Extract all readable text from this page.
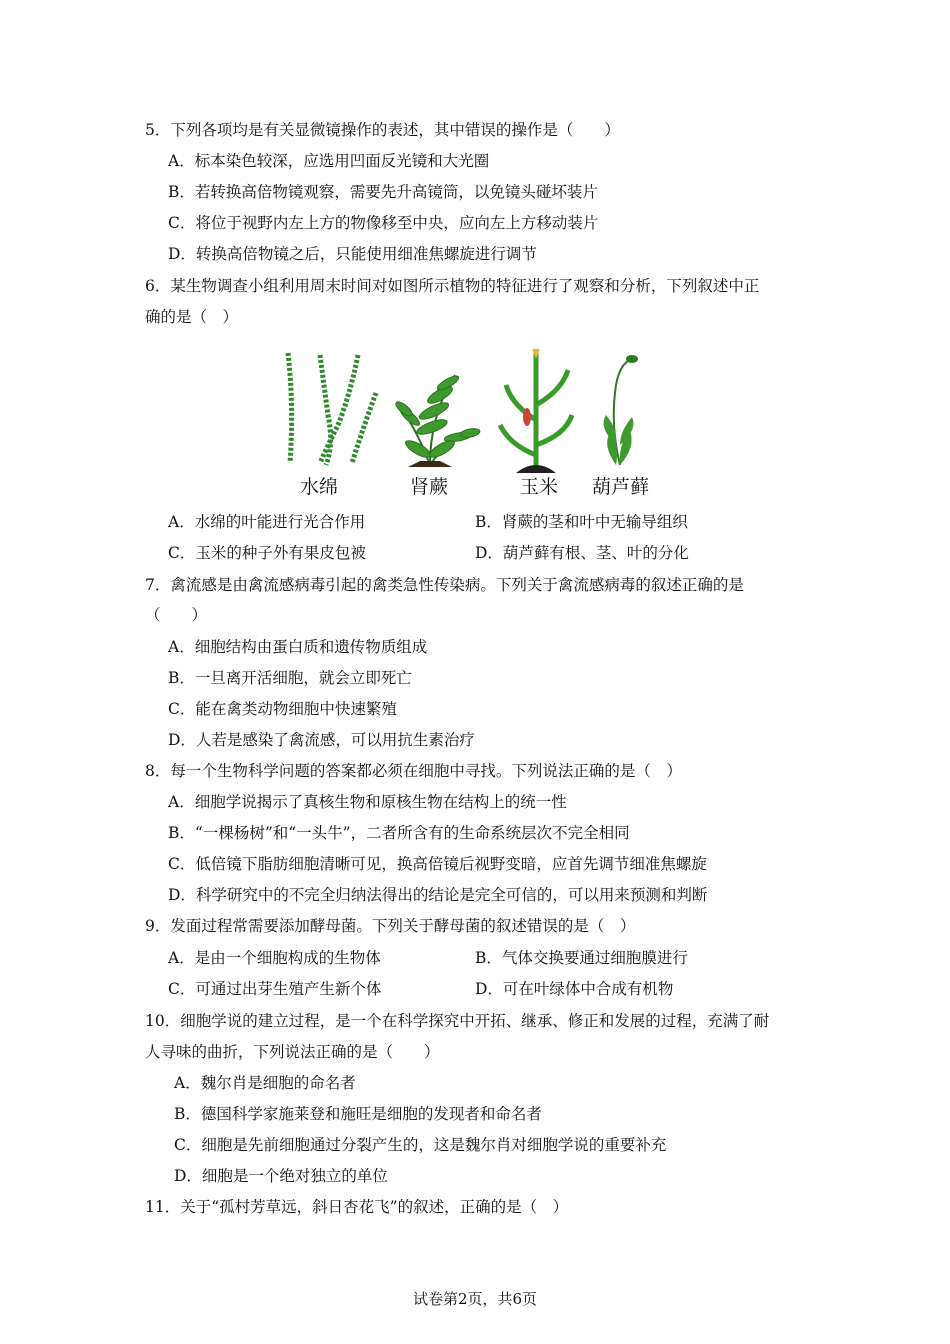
5．下列各项均是有关显微镜操作的表述，其中错误的操作是（　　）
A．标本染色较深，应选用凹面反光镜和大光圈
B．若转换高倍物镜观察，需要先升高镜筒，以免镜头碰坏装片
C．将位于视野内左上方的物像移至中央，应向左上方移动装片
D．转换高倍物镜之后，只能使用细准焦螺旋进行调节
6．某生物调查小组利用周末时间对如图所示植物的特征进行了观察和分析，下列叙述中正
确的是（　）
水绵	肾蕨	玉米 葫芦藓
A．水绵的叶能进行光合作用	B．肾蕨的茎和叶中无输导组织
C．玉米的种子外有果皮包被	D．葫芦藓有根、茎、叶的分化
7．禽流感是由禽流感病毒引起的禽类急性传染病。下列关于禽流感病毒的叙述正确的是
（　　）
A．细胞结构由蛋白质和遗传物质组成
B．一旦离开活细胞，就会立即死亡
C．能在禽类动物细胞中快速繁殖
D．人若是感染了禽流感，可以用抗生素治疗
8．每一个生物科学问题的答案都必须在细胞中寻找。下列说法正确的是（　）
A．细胞学说揭示了真核生物和原核生物在结构上的统一性
B．“一棵杨树”和“一头牛”，二者所含有的生命系统层次不完全相同
C．低倍镜下脂肪细胞清晰可见，换高倍镜后视野变暗，应首先调节细准焦螺旋
D．科学研究中的不完全归纳法得出的结论是完全可信的，可以用来预测和判断
9．发面过程常需要添加酵母菌。下列关于酵母菌的叙述错误的是（　）
A．是由一个细胞构成的生物体	B．气体交换要通过细胞膜进行
C．可通过出芽生殖产生新个体	D．可在叶绿体中合成有机物
10．细胞学说的建立过程，是一个在科学探究中开拓、继承、修正和发展的过程，充满了耐
人寻味的曲折，下列说法正确的是（　　）
A．魏尔肖是细胞的命名者
B．德国科学家施莱登和施旺是细胞的发现者和命名者
C．细胞是先前细胞通过分裂产生的，这是魏尔肖对细胞学说的重要补充
D．细胞是一个绝对独立的单位
11．关于“孤村芳草远，斜日杏花飞”的叙述，正确的是（　）
试卷第2页，共6页
